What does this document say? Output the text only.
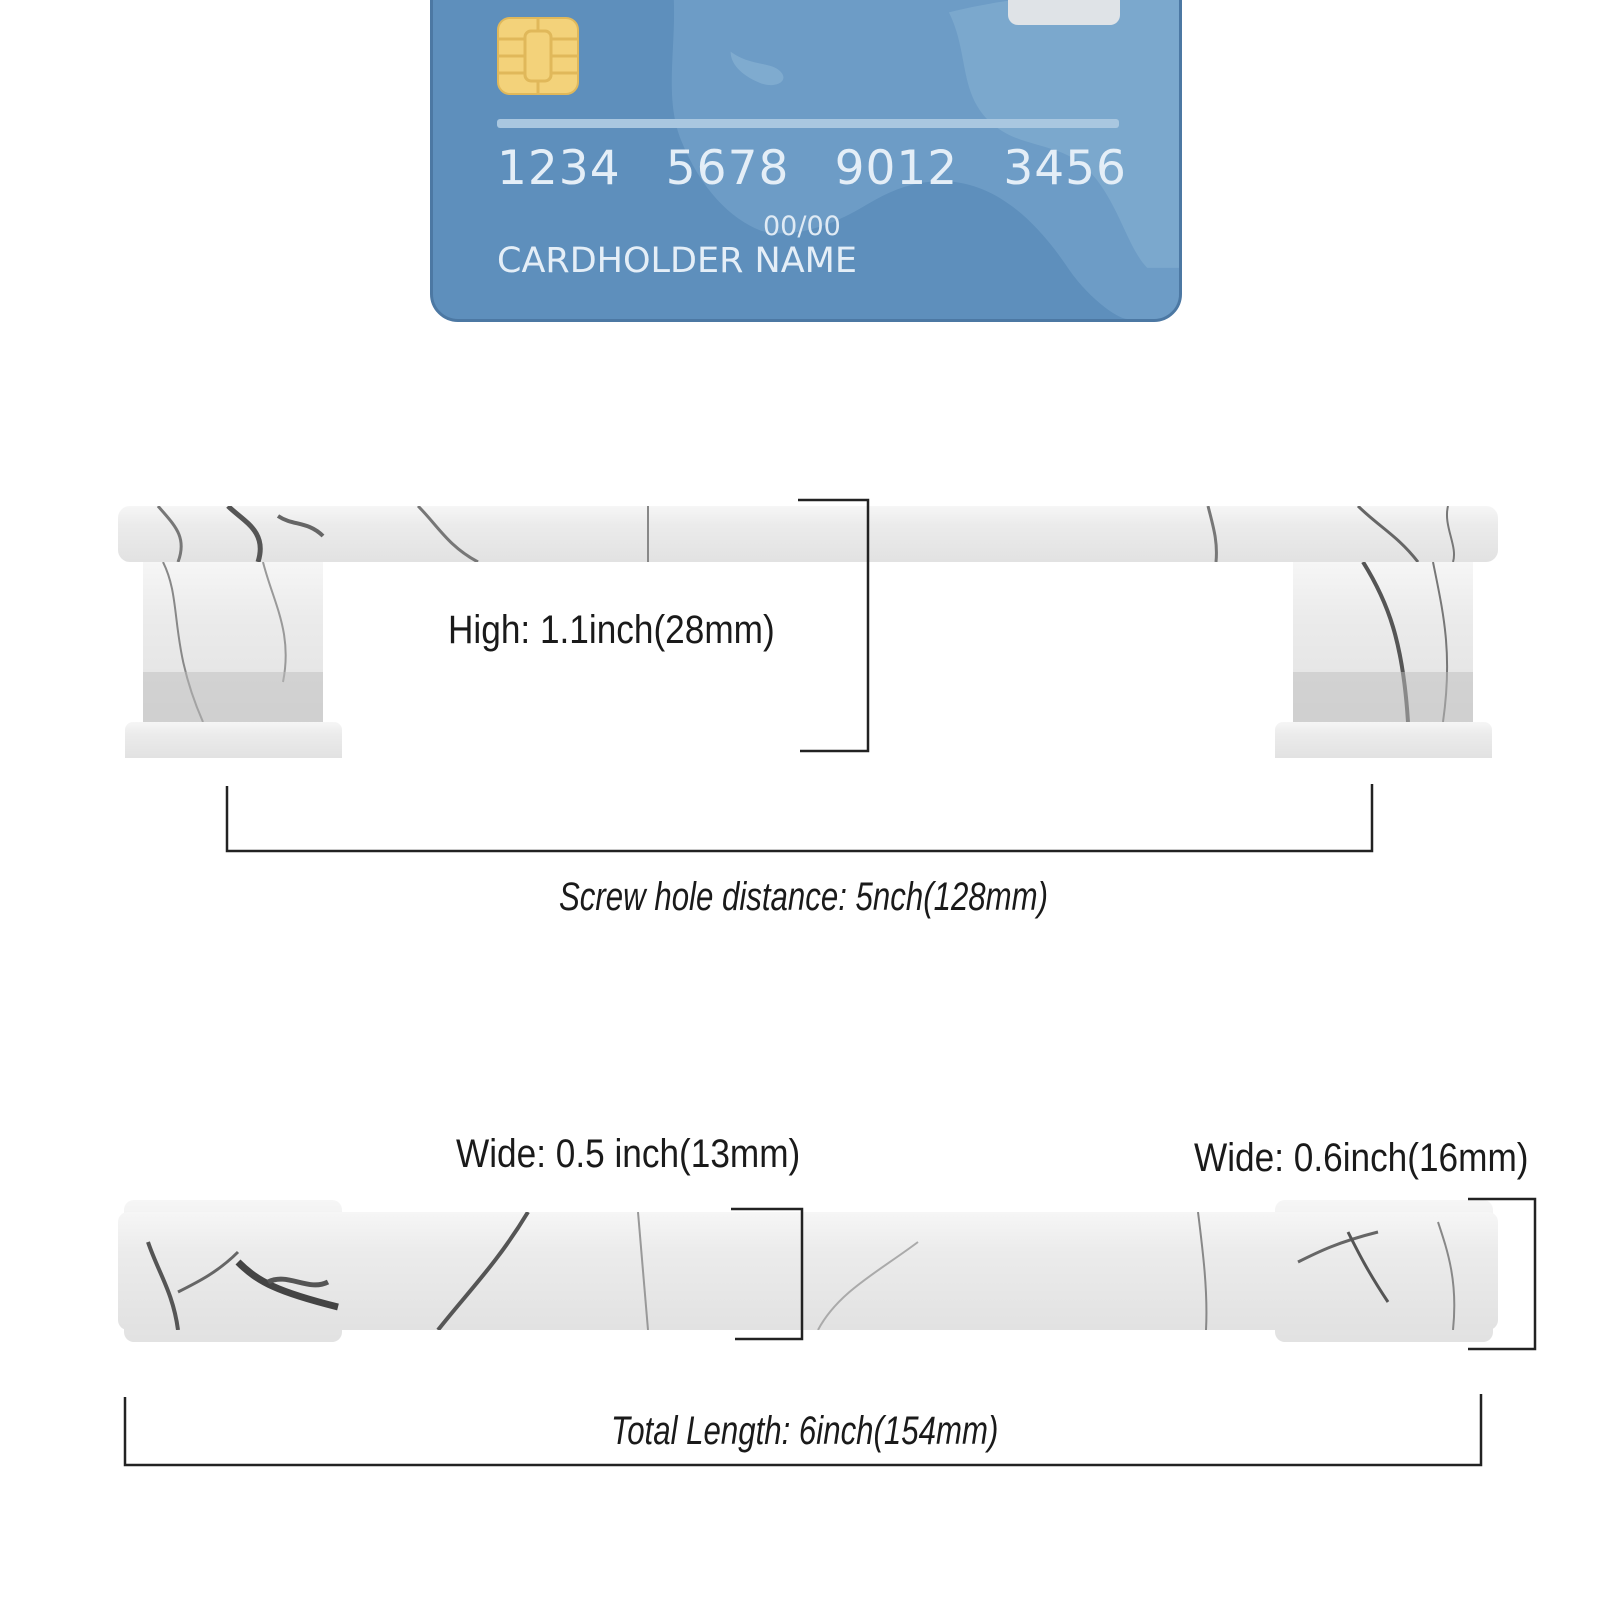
1234 5678 9012 3456
00/00
CARDHOLDER NAME
High: 1.1inch(28mm)
Screw hole distance: 5nch(128mm)
Wide: 0.5 inch(13mm)	Wide: 0.6inch(16mm)
Total Length: 6inch(154mm)
